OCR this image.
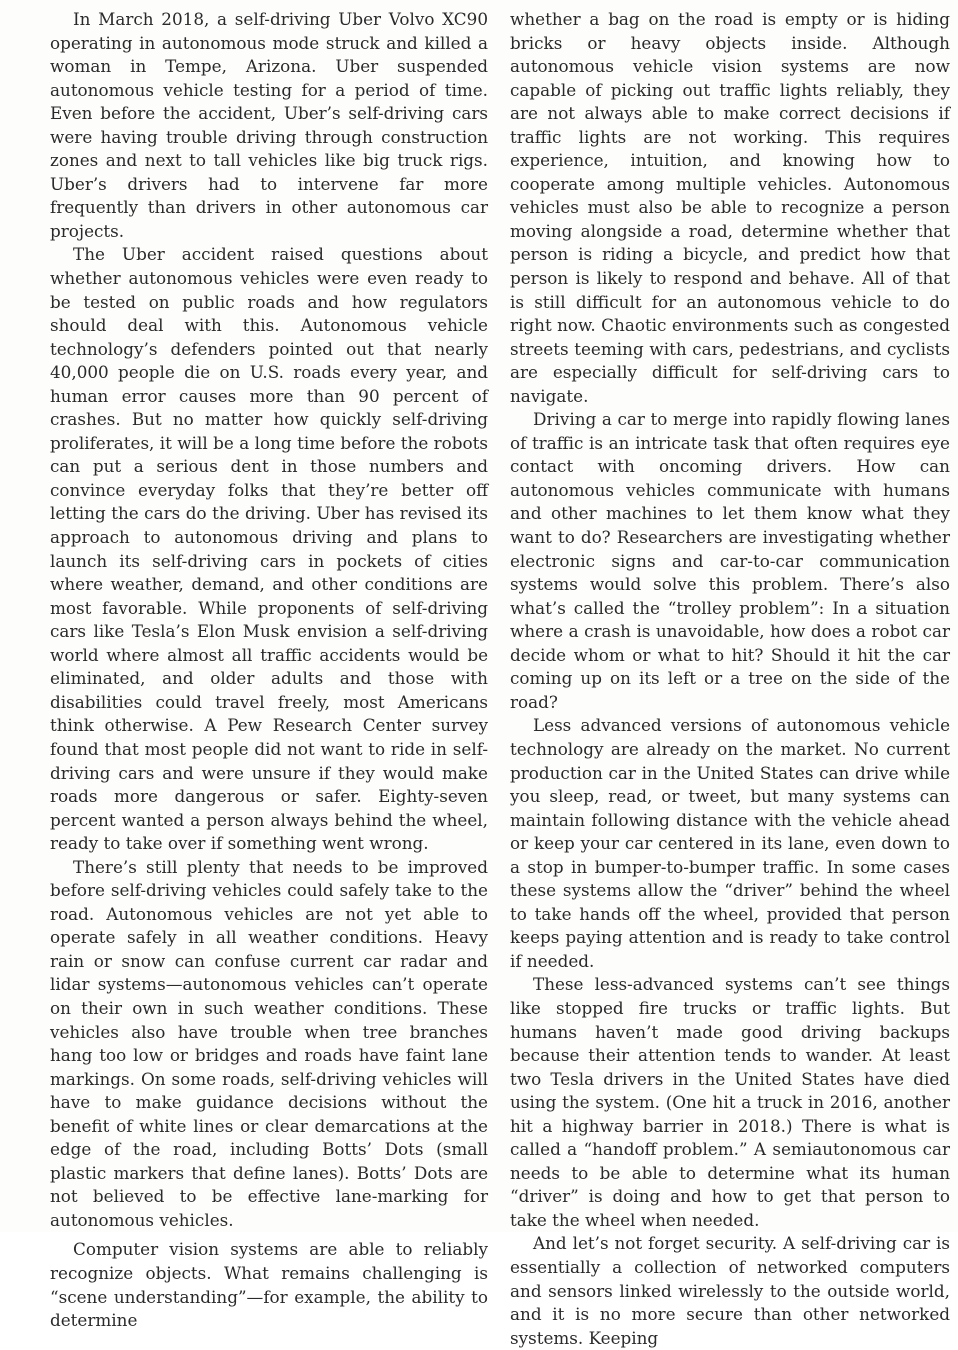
In March 2018, a self-driving Uber Volvo XC90 operating in autonomous mode struck and killed a woman in Tempe, Arizona. Uber suspended autonomous vehicle testing for a period of time. Even before the accident, Uber’s self-driving cars were having trouble driving through construction zones and next to tall vehicles like big truck rigs. Uber’s drivers had to intervene far more frequently than drivers in other autonomous car projects.

The Uber accident raised questions about whether autonomous vehicles were even ready to be tested on public roads and how regulators should deal with this. Autonomous vehicle technology’s defenders pointed out that nearly 40,000 people die on U.S. roads every year, and human error causes more than 90 percent of crashes. But no matter how quickly self-driving proliferates, it will be a long time before the robots can put a serious dent in those numbers and convince everyday folks that they’re better off letting the cars do the driving. Uber has revised its approach to autonomous driving and plans to launch its self-driving cars in pockets of cities where weather, demand, and other conditions are most favorable. While proponents of self-driving cars like Tesla’s Elon Musk envision a self-driving world where almost all traffic accidents would be eliminated, and older adults and those with disabilities could travel freely, most Americans think otherwise. A Pew Research Center survey found that most people did not want to ride in self-driving cars and were unsure if they would make roads more dangerous or safer. Eighty-seven percent wanted a person always behind the wheel, ready to take over if something went wrong.

There’s still plenty that needs to be improved before self-driving vehicles could safely take to the road. Autonomous vehicles are not yet able to operate safely in all weather conditions. Heavy rain or snow can confuse current car radar and lidar systems—autonomous vehicles can’t operate on their own in such weather conditions. These vehicles also have trouble when tree branches hang too low or bridges and roads have faint lane markings. On some roads, self-driving vehicles will have to make guidance decisions without the benefit of white lines or clear demarcations at the edge of the road, including Botts’ Dots (small plastic markers that define lanes). Botts’ Dots are not believed to be effective lane-marking for autonomous vehicles.

Computer vision systems are able to reliably recognize objects. What remains challenging is “scene understanding”—for example, the ability to determine

whether a bag on the road is empty or is hiding bricks or heavy objects inside. Although autonomous vehicle vision systems are now capable of picking out traffic lights reliably, they are not always able to make correct decisions if traffic lights are not working. This requires experience, intuition, and knowing how to cooperate among multiple vehicles. Autonomous vehicles must also be able to recognize a person moving alongside a road, determine whether that person is riding a bicycle, and predict how that person is likely to respond and behave. All of that is still difficult for an autonomous vehicle to do right now. Chaotic environments such as congested streets teeming with cars, pedestrians, and cyclists are especially difficult for self-driving cars to navigate.

Driving a car to merge into rapidly flowing lanes of traffic is an intricate task that often requires eye contact with oncoming drivers. How can autonomous vehicles communicate with humans and other machines to let them know what they want to do? Researchers are investigating whether electronic signs and car-to-car communication systems would solve this problem. There’s also what’s called the “trolley problem”: In a situation where a crash is unavoidable, how does a robot car decide whom or what to hit? Should it hit the car coming up on its left or a tree on the side of the road?

Less advanced versions of autonomous vehicle technology are already on the market. No current production car in the United States can drive while you sleep, read, or tweet, but many systems can maintain following distance with the vehicle ahead or keep your car centered in its lane, even down to a stop in bumper-to-bumper traffic. In some cases these systems allow the “driver” behind the wheel to take hands off the wheel, provided that person keeps paying attention and is ready to take control if needed.

These less-advanced systems can’t see things like stopped fire trucks or traffic lights. But humans haven’t made good driving backups because their attention tends to wander. At least two Tesla drivers in the United States have died using the system. (One hit a truck in 2016, another hit a highway barrier in 2018.) There is what is called a “handoff problem.” A semiautonomous car needs to be able to determine what its human “driver” is doing and how to get that person to take the wheel when needed.

And let’s not forget security. A self-driving car is essentially a collection of networked computers and sensors linked wirelessly to the outside world, and it is no more secure than other networked systems. Keeping
